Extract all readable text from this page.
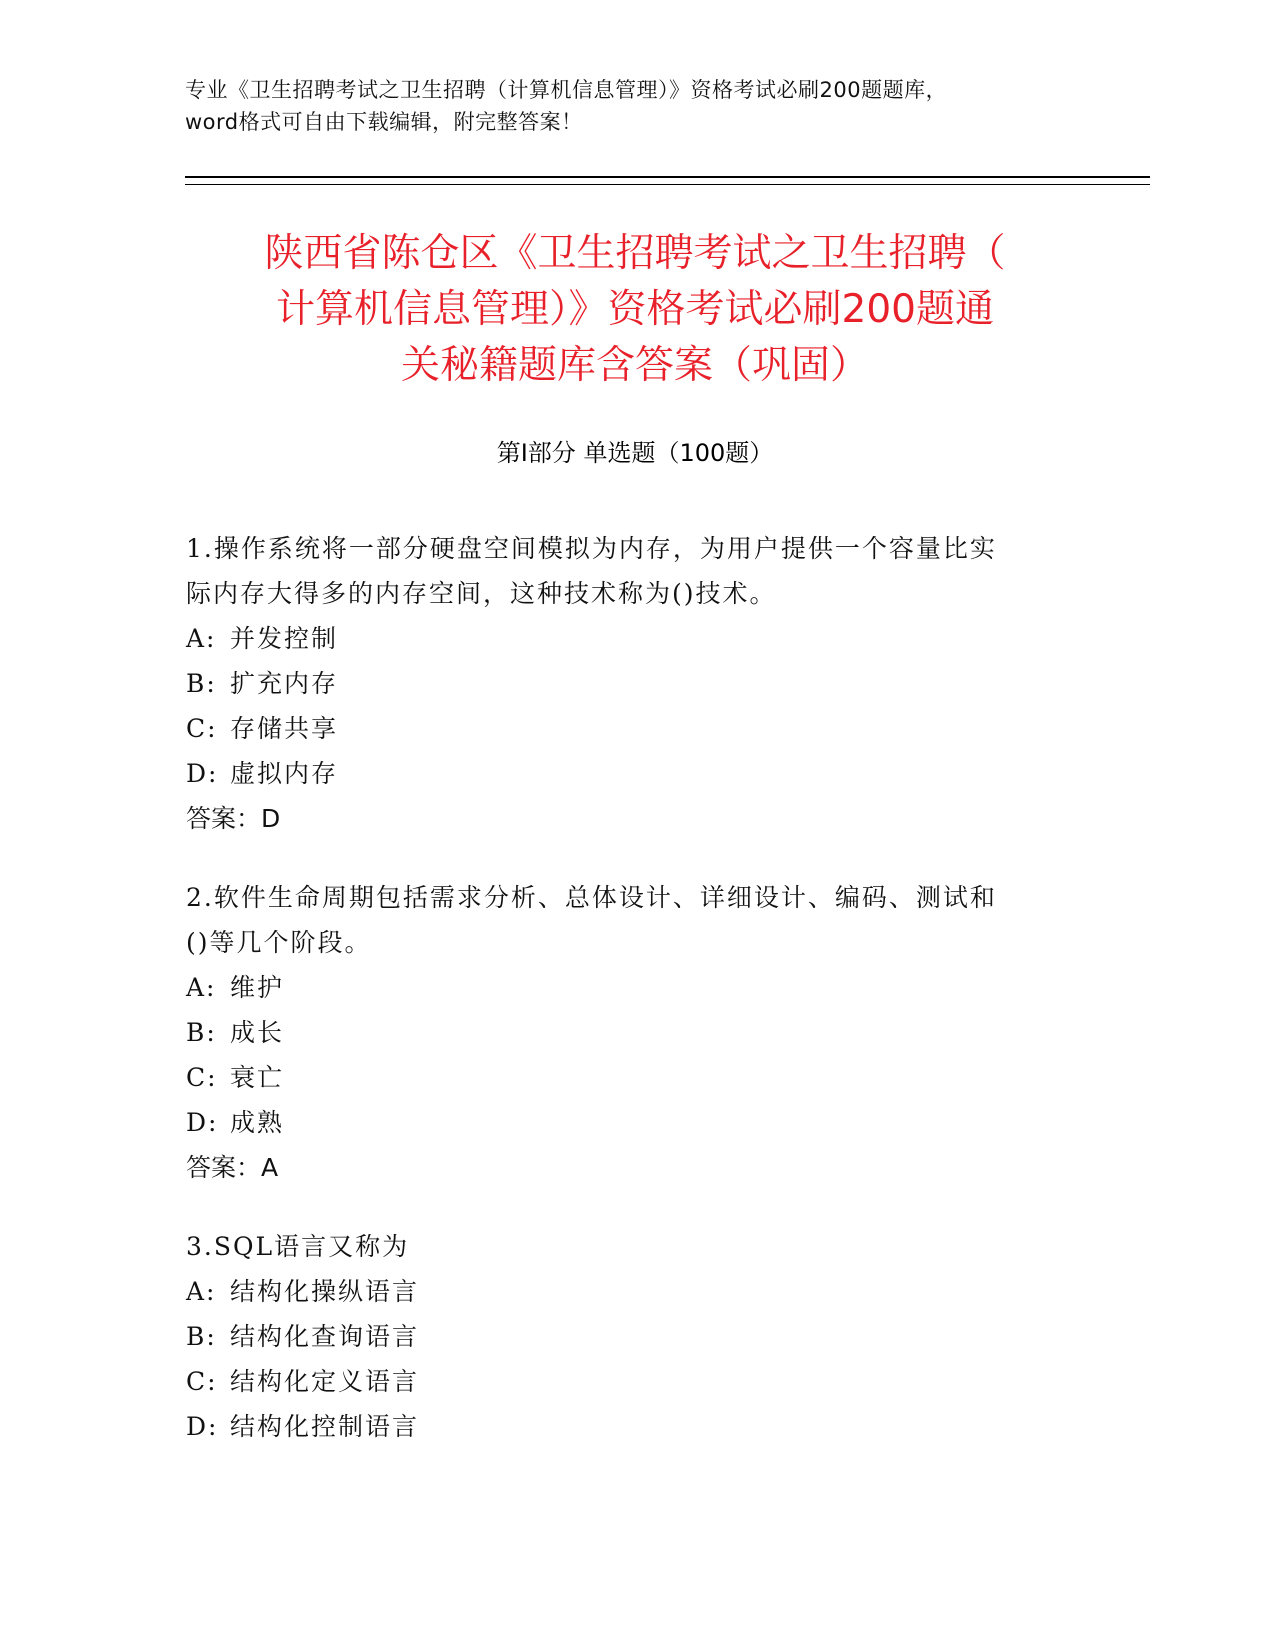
专业《卫生招聘考试之卫生招聘（计算机信息管理）》资格考试必刷200题题库，
word格式可自由下载编辑，附完整答案！
陕西省陈仓区《卫生招聘考试之卫生招聘（
计算机信息管理）》资格考试必刷200题通
关秘籍题库含答案（巩固）
第Ⅰ部分 单选题（100题）
1.操作系统将一部分硬盘空间模拟为内存，为用户提供一个容量比实
际内存大得多的内存空间，这种技术称为()技术。
A: 并发控制
B: 扩充内存
C: 存储共享
D: 虚拟内存
答案：D
2.软件生命周期包括需求分析、总体设计、详细设计、编码、测试和
()等几个阶段。
A: 维护
B: 成长
C: 衰亡
D: 成熟
答案：A
3.SQL语言又称为
A: 结构化操纵语言
B: 结构化查询语言
C: 结构化定义语言
D: 结构化控制语言
